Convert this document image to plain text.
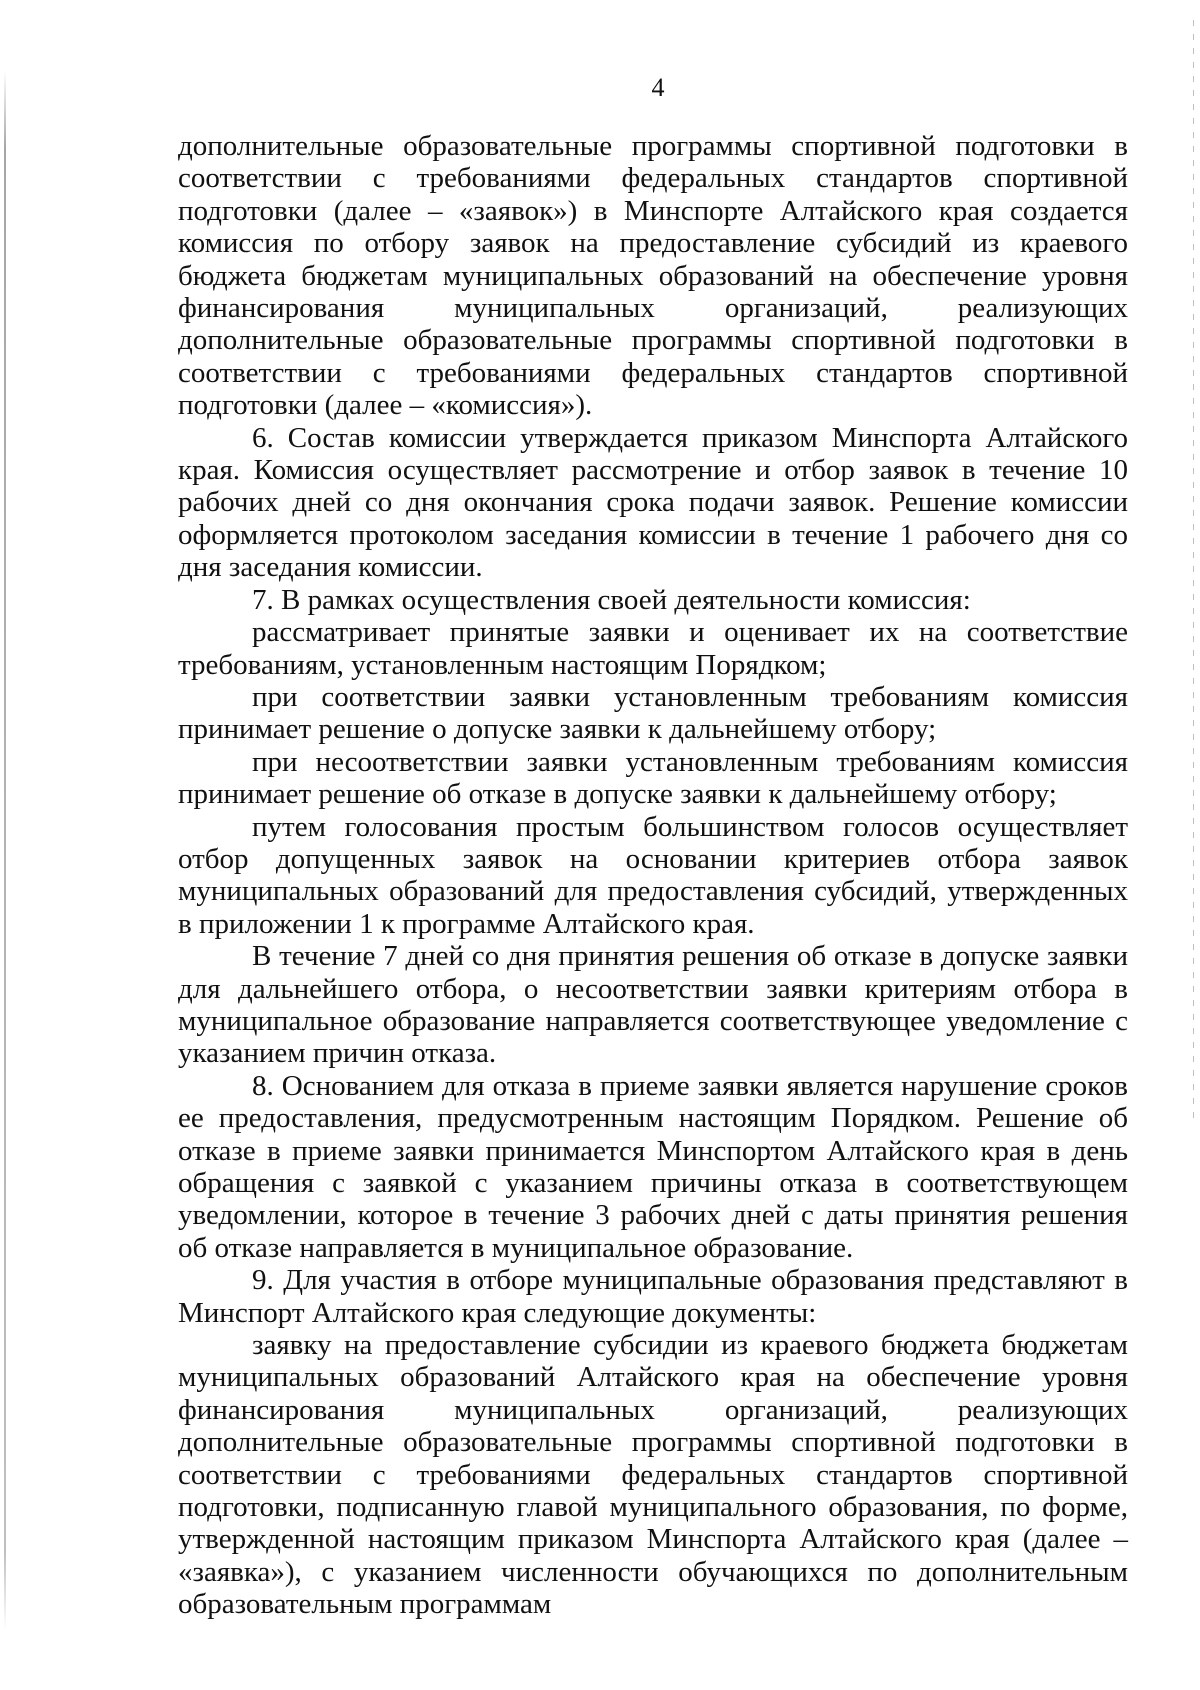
4

дополнительные образовательные программы спортивной подготовки в соответствии с требованиями федеральных стандартов спортивной подготовки (далее – «заявок») в Минспорте Алтайского края создается комиссия по отбору заявок на предоставление субсидий из краевого бюджета бюджетам муниципальных образований на обеспечение уровня финансирования муниципальных организаций, реализующих дополнительные образовательные программы спортивной подготовки в соответствии с требованиями федеральных стандартов спортивной подготовки (далее – «комиссия»).

6. Состав комиссии утверждается приказом Минспорта Алтайского края. Комиссия осуществляет рассмотрение и отбор заявок в течение 10 рабочих дней со дня окончания срока подачи заявок. Решение комиссии оформляется протоколом заседания комиссии в течение 1 рабочего дня со дня заседания комиссии.

7. В рамках осуществления своей деятельности комиссия:

рассматривает принятые заявки и оценивает их на соответствие требованиям, установленным настоящим Порядком;

при соответствии заявки установленным требованиям комиссия принимает решение о допуске заявки к дальнейшему отбору;

при несоответствии заявки установленным требованиям комиссия принимает решение об отказе в допуске заявки к дальнейшему отбору;

путем голосования простым большинством голосов осуществляет отбор допущенных заявок на основании критериев отбора заявок муниципальных образований для предоставления субсидий, утвержденных в приложении 1 к программе Алтайского края.

В течение 7 дней со дня принятия решения об отказе в допуске заявки для дальнейшего отбора, о несоответствии заявки критериям отбора в муниципальное образование направляется соответствующее уведомление с указанием причин отказа.

8. Основанием для отказа в приеме заявки является нарушение сроков ее предоставления, предусмотренным настоящим Порядком. Решение об отказе в приеме заявки принимается Минспортом Алтайского края в день обращения с заявкой с указанием причины отказа в соответствующем уведомлении, которое в течение 3 рабочих дней с даты принятия решения об отказе направляется в муниципальное образование.

9. Для участия в отборе муниципальные образования представляют в Минспорт Алтайского края следующие документы:

заявку на предоставление субсидии из краевого бюджета бюджетам муниципальных образований Алтайского края на обеспечение уровня финансирования муниципальных организаций, реализующих дополнительные образовательные программы спортивной подготовки в соответствии с требованиями федеральных стандартов спортивной подготовки, подписанную главой муниципального образования, по форме, утвержденной настоящим приказом Минспорта Алтайского края (далее – «заявка»), с указанием численности обучающихся по дополнительным образовательным программам
